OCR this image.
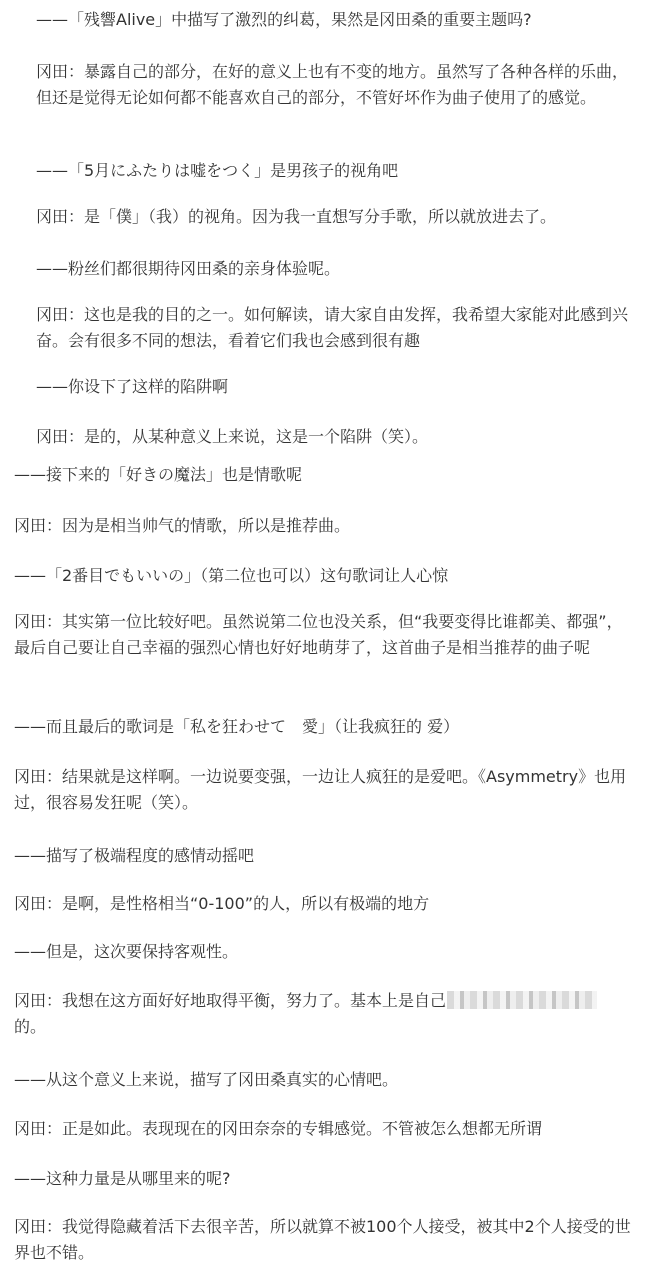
——「残響Alive」中描写了激烈的纠葛，果然是冈田桑的重要主题吗?

冈田：暴露自己的部分，在好的意义上也有不变的地方。虽然写了各种各样的乐曲，但还是觉得无论如何都不能喜欢自己的部分，不管好坏作为曲子使用了的感觉。

——「5月にふたりは嘘をつく」是男孩子的视角吧

冈田：是「僕」（我）的视角。因为我一直想写分手歌，所以就放进去了。

——粉丝们都很期待冈田桑的亲身体验呢。

冈田：这也是我的目的之一。如何解读，请大家自由发挥，我希望大家能对此感到兴奋。会有很多不同的想法，看着它们我也会感到很有趣

——你设下了这样的陷阱啊

冈田：是的，从某种意义上来说，这是一个陷阱（笑）。

——接下来的「好きの魔法」也是情歌呢

冈田：因为是相当帅气的情歌，所以是推荐曲。

——「2番目でもいいの」（第二位也可以）这句歌词让人心惊

冈田：其实第一位比较好吧。虽然说第二位也没关系，但“我要变得比谁都美、都强”，最后自己要让自己幸福的强烈心情也好好地萌芽了，这首曲子是相当推荐的曲子呢

——而且最后的歌词是「私を狂わせて　愛」（让我疯狂的 爱）

冈田：结果就是这样啊。一边说要变强，一边让人疯狂的是爱吧。《Asymmetry》也用过，很容易发狂呢（笑）。

——描写了极端程度的感情动摇吧

冈田：是啊，是性格相当“0-100”的人，所以有极端的地方

——但是，这次要保持客观性。

冈田：我想在这方面好好地取得平衡，努力了。基本上是自己
的。

——从这个意义上来说，描写了冈田桑真实的心情吧。

冈田：正是如此。表现现在的冈田奈奈的专辑感觉。不管被怎么想都无所谓

——这种力量是从哪里来的呢?

冈田：我觉得隐藏着活下去很辛苦，所以就算不被100个人接受，被其中2个人接受的世界也不错。
